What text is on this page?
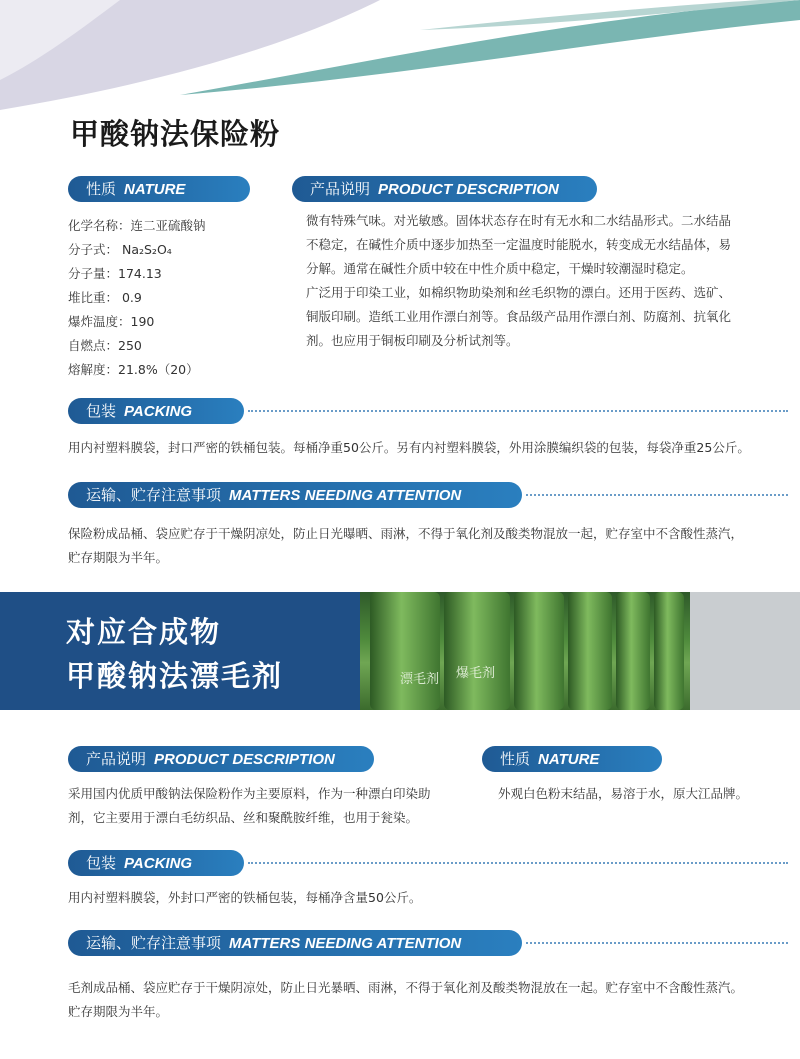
甲酸钠法保险粉
性质 NATURE
化学名称：连二亚硫酸钠
分子式： Na₂S₂O₄
分子量：174.13
堆比重： 0.9
爆炸温度：190
自燃点：250
熔解度：21.8%（20）
产品说明 PRODUCT DESCRIPTION
微有特殊气味。对光敏感。固体状态存在时有无水和二水结晶形式。二水结晶
不稳定，在碱性介质中逐步加热至一定温度时能脱水，转变成无水结晶体，易
分解。通常在碱性介质中较在中性介质中稳定，干燥时较潮湿时稳定。
广泛用于印染工业，如棉织物助染剂和丝毛织物的漂白。还用于医药、选矿、
铜版印刷。造纸工业用作漂白剂等。食品级产品用作漂白剂、防腐剂、抗氧化
剂。也应用于铜板印刷及分析试剂等。
包装 PACKING
用内衬塑料膜袋，封口严密的铁桶包装。每桶净重50公斤。另有内衬塑料膜袋，外用涂膜编织袋的包装，每袋净重25公斤。
运输、贮存注意事项 MATTERS NEEDING ATTENTION
保险粉成品桶、袋应贮存于干燥阴凉处，防止日光曝晒、雨淋，不得于氧化剂及酸类物混放一起，贮存室中不含酸性蒸汽，
贮存期限为半年。
对应合成物
甲酸钠法漂毛剂	漂毛剂 爆毛剂
产品说明 PRODUCT DESCRIPTION
采用国内优质甲酸钠法保险粉作为主要原料，作为一种漂白印染助
剂，它主要用于漂白毛纺织品、丝和聚酰胺纤维，也用于瓮染。
性质 NATURE
外观白色粉末结晶，易溶于水，原大江品牌。
包装 PACKING
用内衬塑料膜袋，外封口严密的铁桶包装，每桶净含量50公斤。
运输、贮存注意事项 MATTERS NEEDING ATTENTION
毛剂成品桶、袋应贮存于干燥阴凉处，防止日光暴晒、雨淋，不得于氧化剂及酸类物混放在一起。贮存室中不含酸性蒸汽。
贮存期限为半年。
